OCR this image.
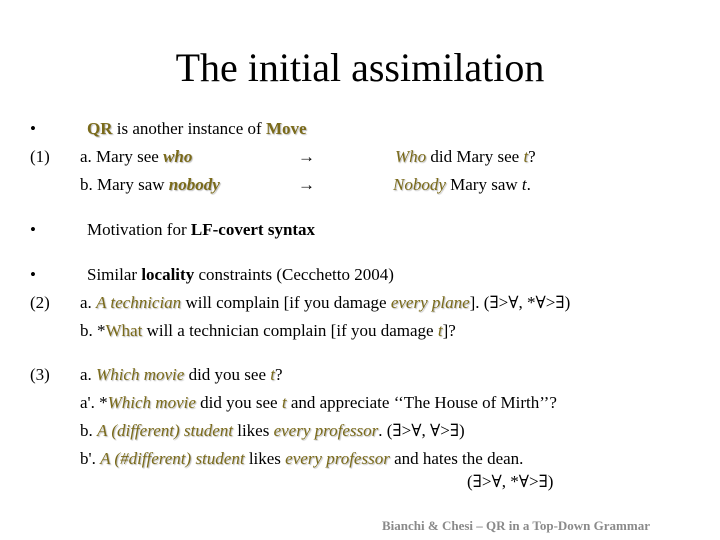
The initial assimilation
•	QR is another instance of Move
(1) a. Mary see who	→	Who did Mary see t?
b. Mary saw nobody	→	Nobody Mary saw t.
•	Motivation for LF-covert syntax
•	Similar locality constraints (Cecchetto 2004)
(2) a. A technician will complain [if you damage every plane]. (∃>∀, *∀>∃)
b. *What will a technician complain [if you damage t]?
(3) a. Which movie did you see t?
a'. *Which movie did you see t and appreciate ‘‘The House of Mirth’’?
b. A (different) student likes every professor. (∃>∀, ∀>∃)
b'. A (#different) student likes every professor and hates the dean.
(∃>∀, *∀>∃)
Bianchi & Chesi – QR in a Top-Down Grammar
